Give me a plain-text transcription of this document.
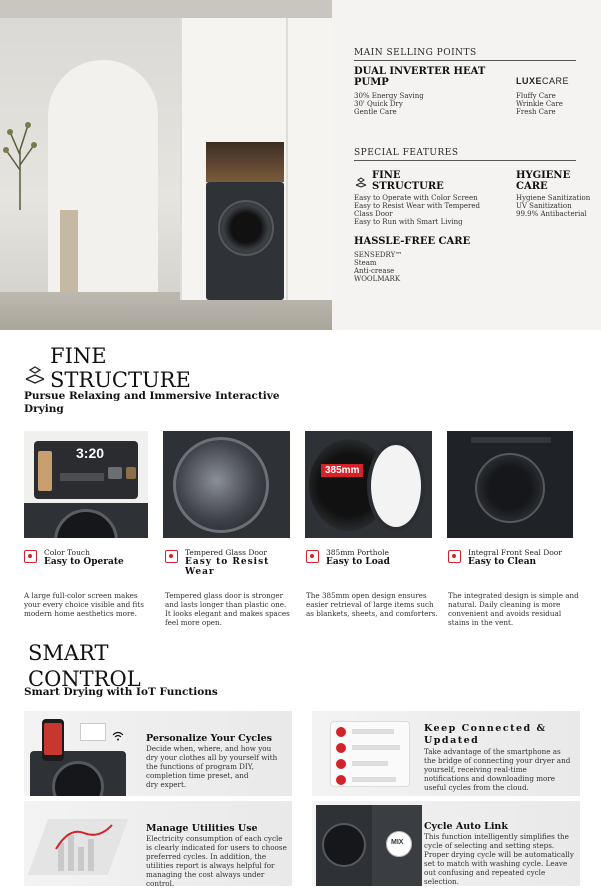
MAIN SELLING POINTS
DUAL INVERTER HEAT
PUMP
30% Energy Saving
30' Quick Dry
Gentle Care
LUXECARE
Fluffy Care
Wrinkle Care
Fresh Care
SPECIAL FEATURES
FINE
STRUCTURE
Easy to Operate with Color Screen
Easy to Resist Wear with Tempered
Class Door
Easy to Run with Smart Living
HYGIENE
CARE
Hygiene Sanitization
UV Sanitization
99.9% Antibacterial
HASSLE-FREE CARE
SENSEDRY™
Steam
Anti-crease
WOOLMARK
FINE
STRUCTURE
Pursue Relaxing and Immersive Interactive
Drying
3:20
385mm
Color Touch
Easy to Operate
Tempered Glass Door
Easy to Resist
Wear
385mm Porthole
Easy to Load
Integral Front Seal Door
Easy to Clean
A large full-color screen makes
your every choice visible and fits
modern home aesthetics more.
Tempered glass door is stronger
and lasts longer than plastic one.
It looks elegant and makes spaces
feel more open.
The 385mm open design ensures
easier retrieval of large items such
as blankets, sheets, and comforters.
The integrated design is simple and
natural. Daily cleaning is more
convenient and avoids residual
stains in the vent.
SMART
CONTROL
Smart Drying with IoT Functions
Personalize Your Cycles
Decide when, where, and how you
dry your clothes all by yourself with
the functions of program DIY,
completion time preset, and
dry expert.
Keep Connected &
Updated
Take advantage of the smartphone as
the bridge of connecting your dryer and
yourself, receiving real-time
notifications and downloading more
useful cycles from the cloud.
Manage Utilities Use
Electricity consumption of each cycle
is clearly indicated for users to choose
preferred cycles. In addition, the
utilities report is always helpful for
managing the cost always under
control.
MIX
Cycle Auto Link
This function intelligently simplifies the
cycle of selecting and setting steps.
Proper drying cycle will be automatically
set to match with washing cycle. Leave
out confusing and repeated cycle
selection.
